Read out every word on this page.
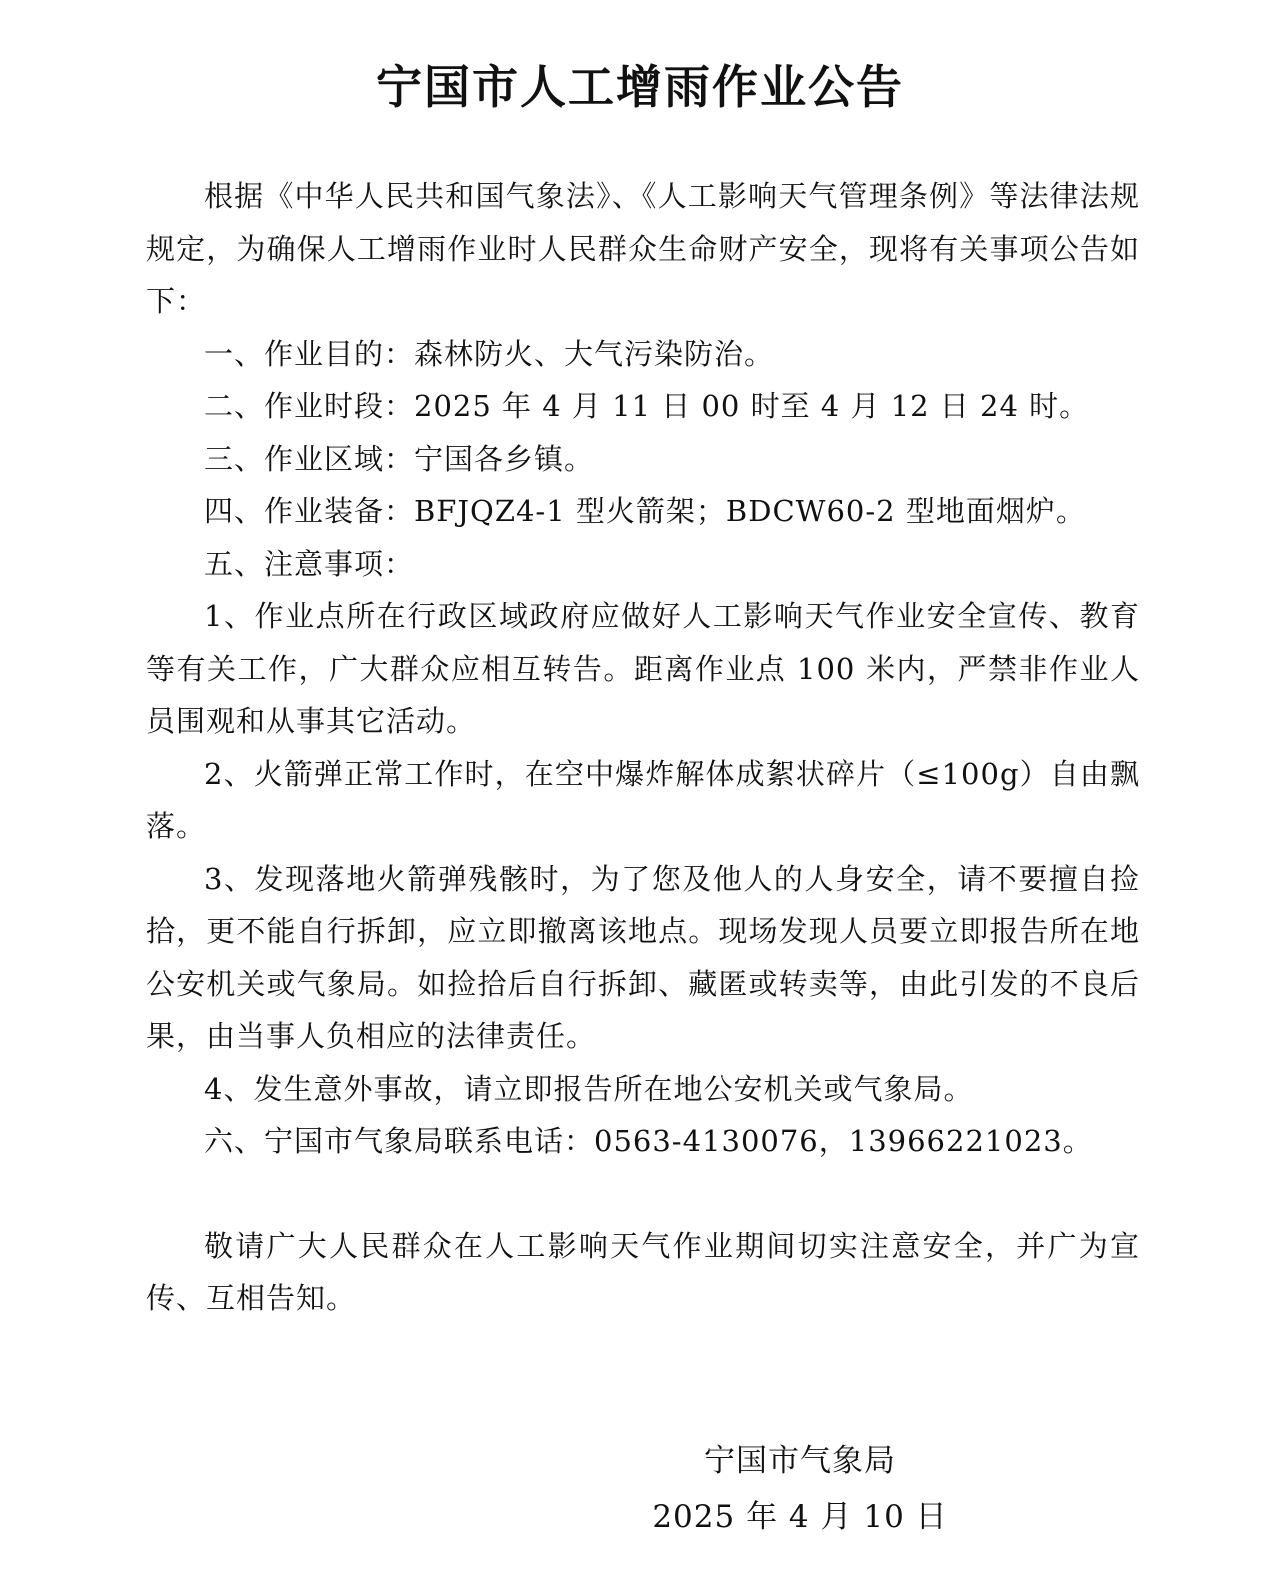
宁国市人工增雨作业公告

根据《中华人民共和国气象法》、《人工影响天气管理条例》等法律法规规定，为确保人工增雨作业时人民群众生命财产安全，现将有关事项公告如下：

一、作业目的：森林防火、大气污染防治。

二、作业时段：2025 年 4 月 11 日 00 时至 4 月 12 日 24 时。

三、作业区域：宁国各乡镇。

四、作业装备：BFJQZ4-1 型火箭架；BDCW60-2 型地面烟炉。

五、注意事项：

1、作业点所在行政区域政府应做好人工影响天气作业安全宣传、教育等有关工作，广大群众应相互转告。距离作业点 100 米内，严禁非作业人员围观和从事其它活动。

2、火箭弹正常工作时，在空中爆炸解体成絮状碎片（≤100g）自由飘落。

3、发现落地火箭弹残骸时，为了您及他人的人身安全，请不要擅自捡拾，更不能自行拆卸，应立即撤离该地点。现场发现人员要立即报告所在地公安机关或气象局。如捡拾后自行拆卸、藏匿或转卖等，由此引发的不良后果，由当事人负相应的法律责任。

4、发生意外事故，请立即报告所在地公安机关或气象局。

六、宁国市气象局联系电话：0563-4130076，13966221023。

敬请广大人民群众在人工影响天气作业期间切实注意安全，并广为宣传、互相告知。

宁国市气象局
2025 年 4 月 10 日
